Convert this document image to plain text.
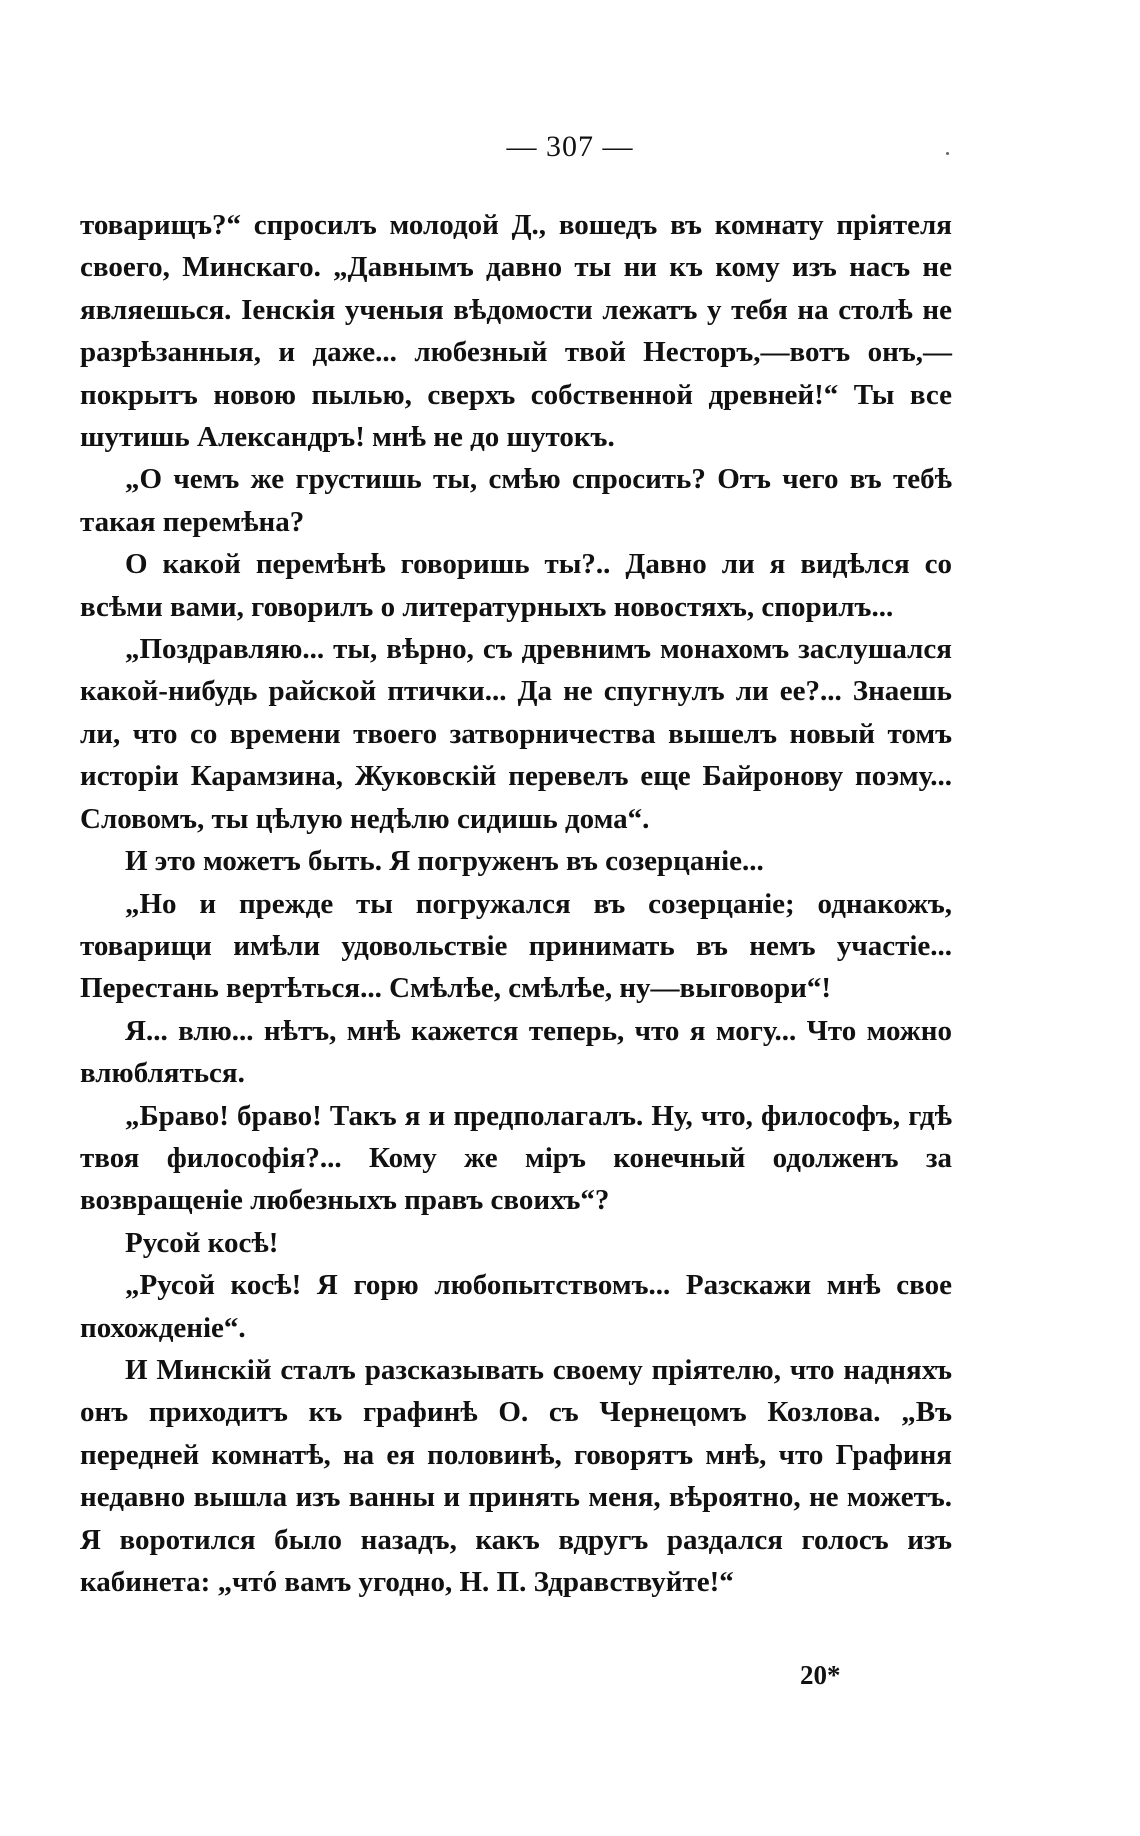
— 307 —

товарищъ?“ спросилъ молодой Д., вошедъ въ комнату пріятеля своего, Минскаго. „Давнымъ давно ты ни къ кому изъ насъ не являешься. Іенскія ученыя вѣдомости лежатъ у тебя на столѣ не разрѣзанныя, и даже... любезный твой Несторъ,—вотъ онъ,—покрытъ новою пылью, сверхъ собственной древней!“ Ты все шутишь Александръ! мнѣ не до шутокъ.

„О чемъ же грустишь ты, смѣю спросить? Отъ чего въ тебѣ такая перемѣна?

О какой перемѣнѣ говоришь ты?.. Давно ли я видѣлся со всѣми вами, говорилъ о литературныхъ новостяхъ, спорилъ...

„Поздравляю... ты, вѣрно, съ древнимъ монахомъ заслушался какой-нибудь райской птички... Да не спугнулъ ли ее?... Знаешь ли, что со времени твоего затворничества вышелъ новый томъ исторіи Карамзина, Жуковскій перевелъ еще Байронову поэму... Словомъ, ты цѣлую недѣлю сидишь дома“.

И это можетъ быть. Я погруженъ въ созерцаніе...

„Но и прежде ты погружался въ созерцаніе; однакожъ, товарищи имѣли удовольствіе принимать въ немъ участіе... Перестань вертѣться... Смѣлѣе, смѣлѣе, ну—выговори“!

Я... влю... нѣтъ, мнѣ кажется теперь, что я могу... Что можно влюбляться.

„Браво! браво! Такъ я и предполагалъ. Ну, что, философъ, гдѣ твоя философія?... Кому же міръ конечный одолженъ за возвращеніе любезныхъ правъ своихъ“?

Русой косѣ!

„Русой косѣ! Я горю любопытствомъ... Разскажи мнѣ свое похожденіе“.

И Минскій сталъ разсказывать своему пріятелю, что надняхъ онъ приходитъ къ графинѣ О. съ Чернецомъ Козлова. „Въ передней комнатѣ, на ея половинѣ, говорятъ мнѣ, что Графиня недавно вышла изъ ванны и принять меня, вѣроятно, не можетъ. Я воротился было назадъ, какъ вдругъ раздался голосъ изъ кабинета: „чтó вамъ угодно, Н. П. Здравствуйте!“

20*
